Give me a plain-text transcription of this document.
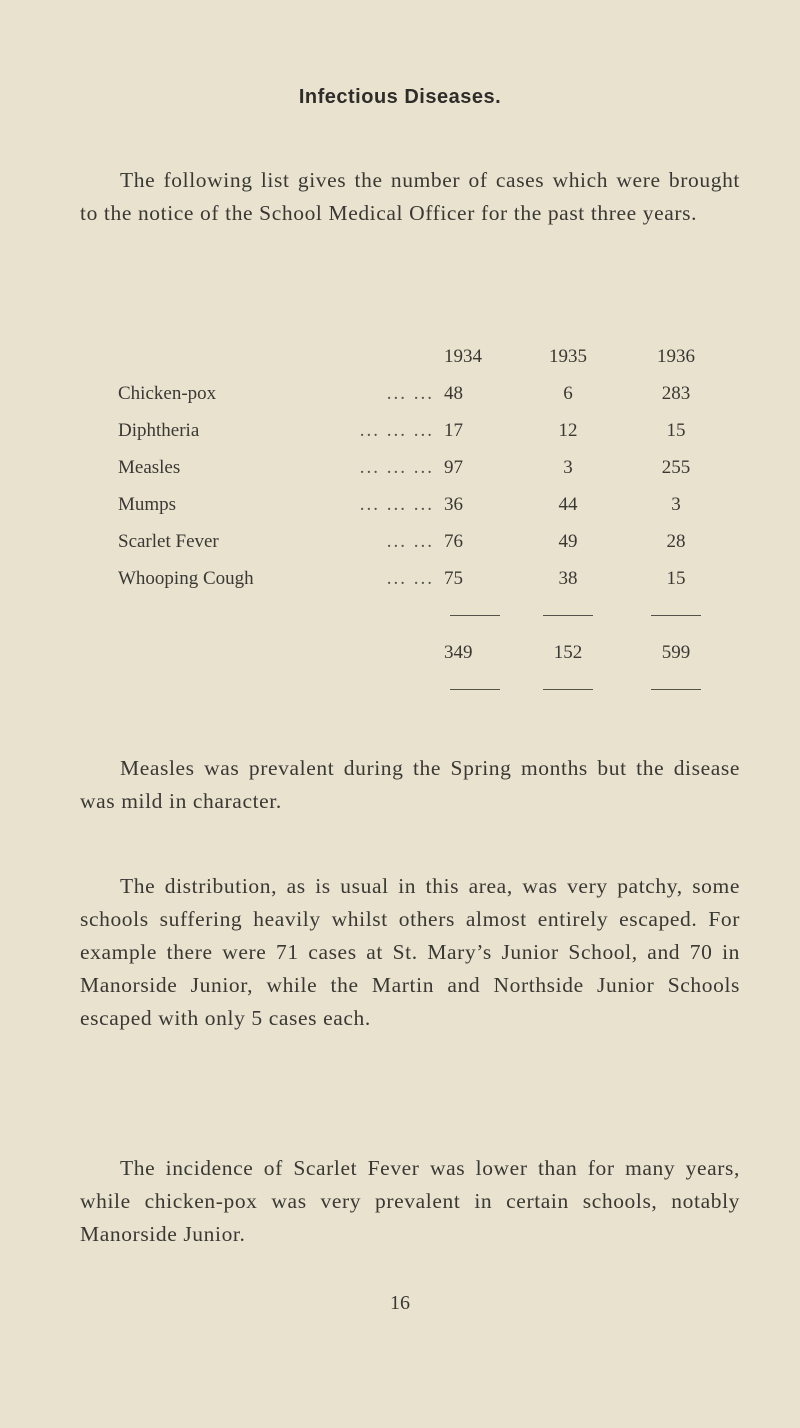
Infectious Diseases.

The following list gives the number of cases which were brought to the notice of the School Medical Officer for the past three years.

		1934	1935	1936
Chicken-pox	... ...	48	6	283
Diphtheria	... ... ...	17	12	15
Measles	... ... ...	97	3	255
Mumps	... ... ...	36	44	3
Scarlet Fever	... ...	76	49	28
Whooping Cough	... ...	75	38	15

		349	152	599

Measles was prevalent during the Spring months but the disease was mild in character.

The distribution, as is usual in this area, was very patchy, some schools suffering heavily whilst others almost entirely escaped. For example there were 71 cases at St. Mary’s Junior School, and 70 in Manorside Junior, while the Martin and Northside Junior Schools escaped with only 5 cases each.

The incidence of Scarlet Fever was lower than for many years, while chicken-pox was very prevalent in certain schools, notably Manorside Junior.

16
